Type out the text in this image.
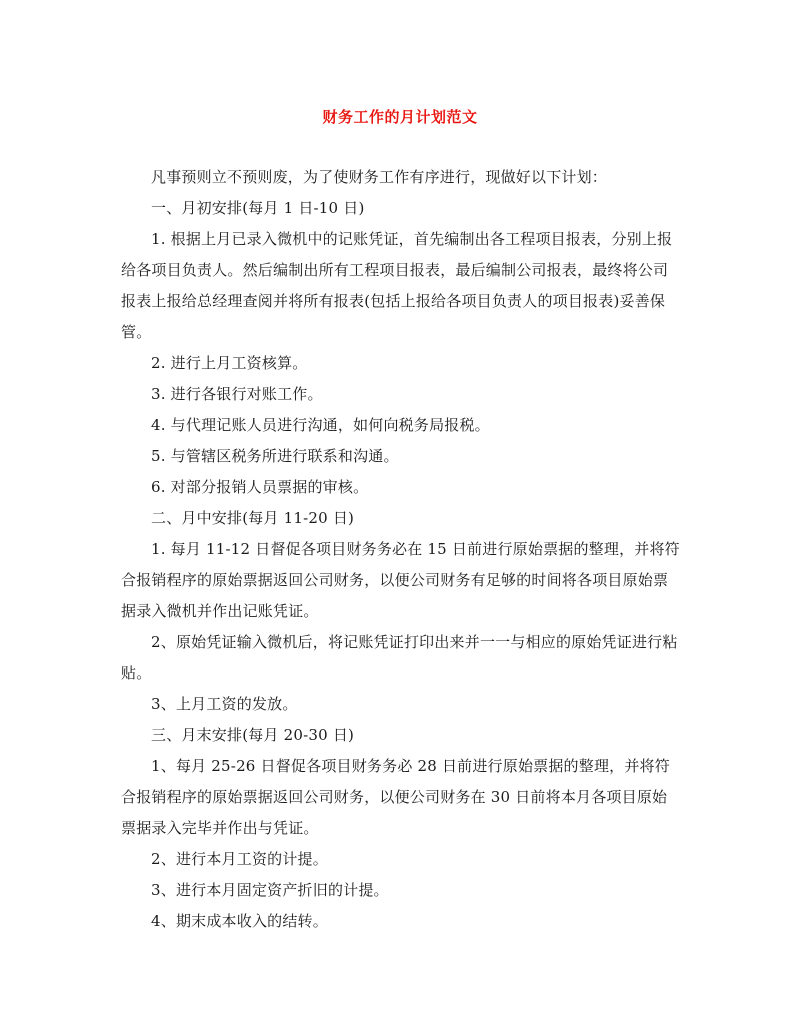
财务工作的月计划范文

凡事预则立不预则废，为了使财务工作有序进行，现做好以下计划：

一、月初安排(每月 1 日-10 日)

1. 根据上月已录入微机中的记账凭证，首先编制出各工程项目报表，分别上报给各项目负责人。然后编制出所有工程项目报表，最后编制公司报表，最终将公司报表上报给总经理查阅并将所有报表(包括上报给各项目负责人的项目报表)妥善保管。

2. 进行上月工资核算。

3. 进行各银行对账工作。

4. 与代理记账人员进行沟通，如何向税务局报税。

5. 与管辖区税务所进行联系和沟通。

6. 对部分报销人员票据的审核。

二、月中安排(每月 11-20 日)

1. 每月 11-12 日督促各项目财务务必在 15 日前进行原始票据的整理，并将符合报销程序的原始票据返回公司财务，以便公司财务有足够的时间将各项目原始票据录入微机并作出记账凭证。

2、原始凭证输入微机后，将记账凭证打印出来并一一与相应的原始凭证进行粘贴。

3、上月工资的发放。

三、月末安排(每月 20-30 日)

1、每月 25-26 日督促各项目财务务必 28 日前进行原始票据的整理，并将符合报销程序的原始票据返回公司财务，以便公司财务在 30 日前将本月各项目原始票据录入完毕并作出与凭证。

2、进行本月工资的计提。

3、进行本月固定资产折旧的计提。

4、期末成本收入的结转。
